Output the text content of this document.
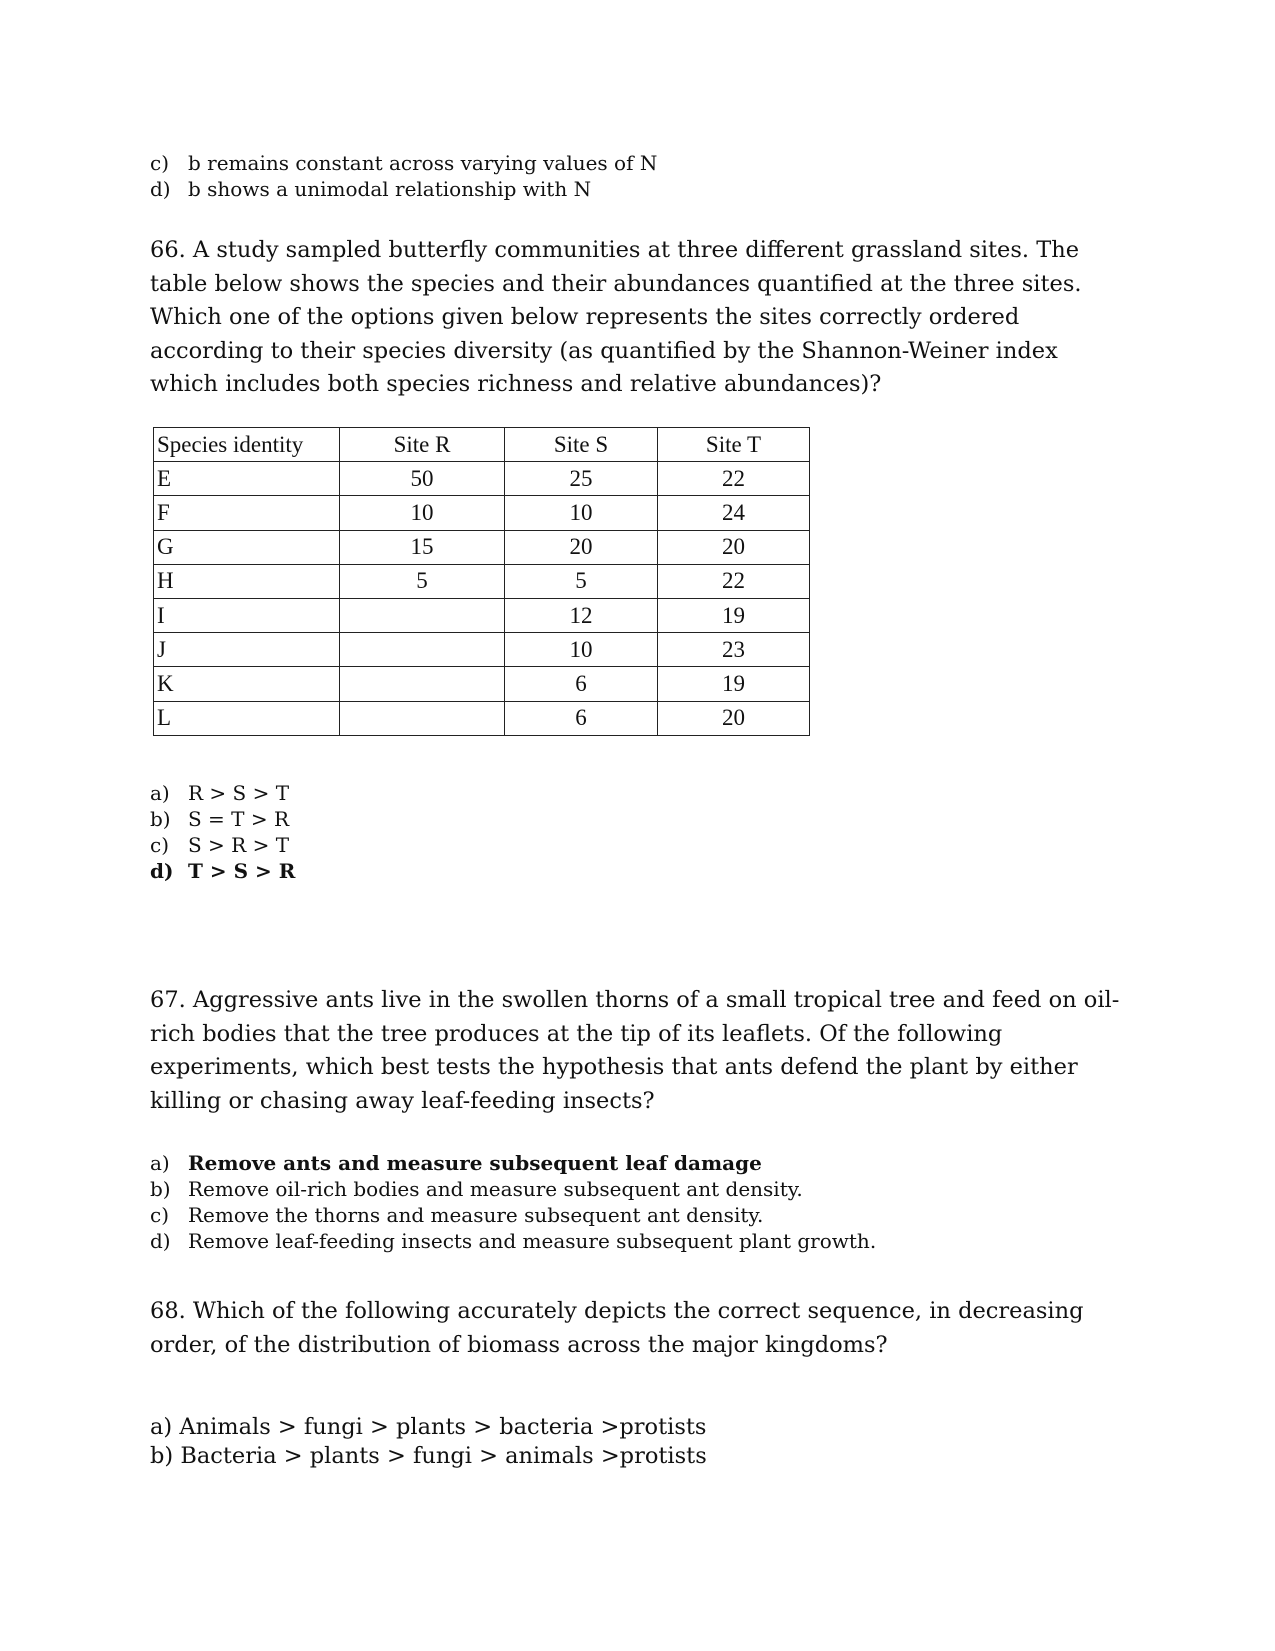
c) b remains constant across varying values of N
d) b shows a unimodal relationship with N
66. A study sampled butterfly communities at three different grassland sites. The table below shows the species and their abundances quantified at the three sites. Which one of the options given below represents the sites correctly ordered according to their species diversity (as quantified by the Shannon-Weiner index which includes both species richness and relative abundances)?
Species identity	Site R	Site S	Site T
E	50	25	22
F	10	10	24
G	15	20	20
H	5	5	22
I		12	19
J		10	23
K		6	19
L		6	20
a) R > S > T
b) S = T > R
c) S > R > T
d) T > S > R
67. Aggressive ants live in the swollen thorns of a small tropical tree and feed on oil-rich bodies that the tree produces at the tip of its leaflets. Of the following experiments, which best tests the hypothesis that ants defend the plant by either killing or chasing away leaf-feeding insects?
a) Remove ants and measure subsequent leaf damage
b) Remove oil-rich bodies and measure subsequent ant density.
c) Remove the thorns and measure subsequent ant density.
d) Remove leaf-feeding insects and measure subsequent plant growth.
68. Which of the following accurately depicts the correct sequence, in decreasing order, of the distribution of biomass across the major kingdoms?
a) Animals > fungi > plants > bacteria >protists
b) Bacteria > plants > fungi > animals >protists
